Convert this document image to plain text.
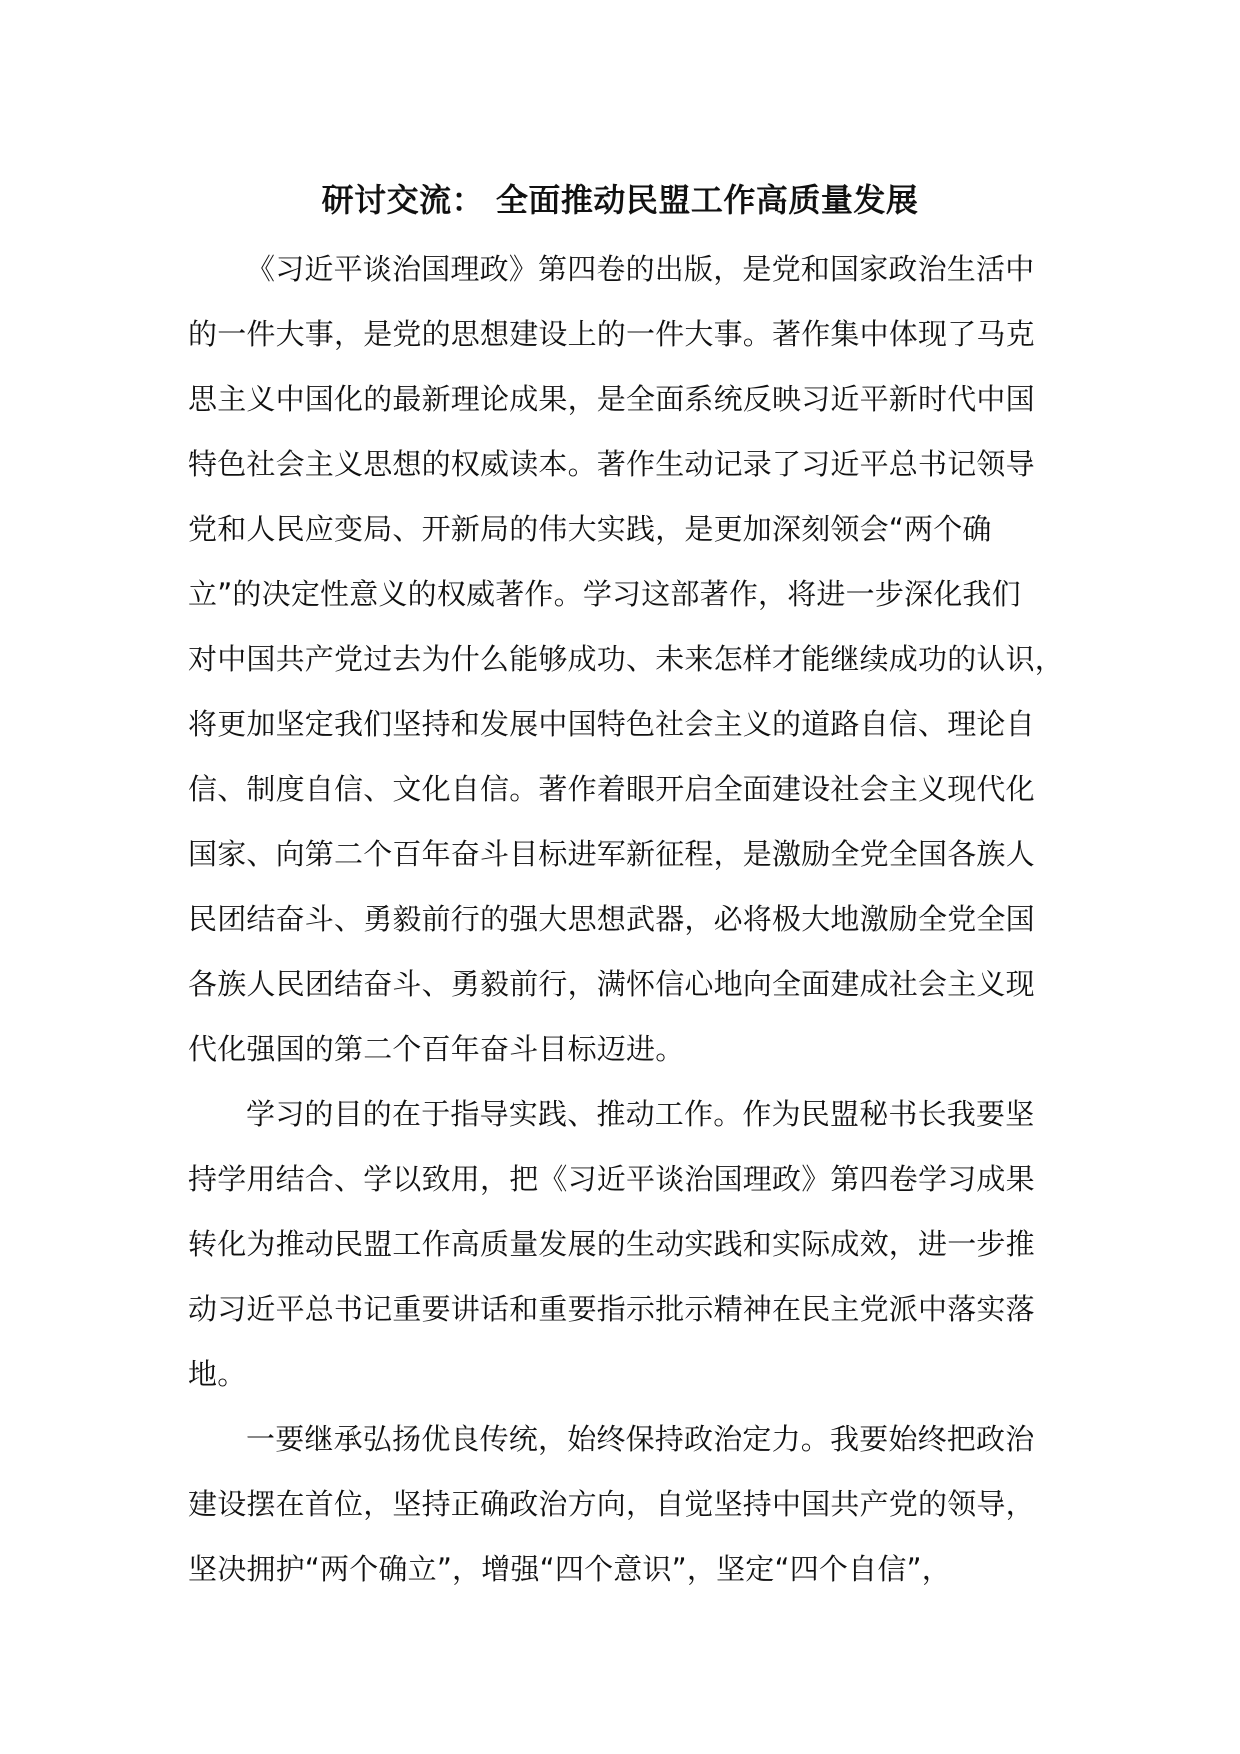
研讨交流： 全面推动民盟工作高质量发展
《习近平谈治国理政》第四卷的出版，是党和国家政治生活中
的一件大事，是党的思想建设上的一件大事。著作集中体现了马克
思主义中国化的最新理论成果，是全面系统反映习近平新时代中国
特色社会主义思想的权威读本。著作生动记录了习近平总书记领导
党和人民应变局、开新局的伟大实践，是更加深刻领会“两个确
立”的决定性意义的权威著作。学习这部著作，将进一步深化我们
对中国共产党过去为什么能够成功、未来怎样才能继续成功的认识，
将更加坚定我们坚持和发展中国特色社会主义的道路自信、理论自
信、制度自信、文化自信。著作着眼开启全面建设社会主义现代化
国家、向第二个百年奋斗目标进军新征程，是激励全党全国各族人
民团结奋斗、勇毅前行的强大思想武器，必将极大地激励全党全国
各族人民团结奋斗、勇毅前行，满怀信心地向全面建成社会主义现
代化强国的第二个百年奋斗目标迈进。
学习的目的在于指导实践、推动工作。作为民盟秘书长我要坚
持学用结合、学以致用，把《习近平谈治国理政》第四卷学习成果
转化为推动民盟工作高质量发展的生动实践和实际成效，进一步推
动习近平总书记重要讲话和重要指示批示精神在民主党派中落实落
地。
一要继承弘扬优良传统，始终保持政治定力。我要始终把政治
建设摆在首位，坚持正确政治方向，自觉坚持中国共产党的领导，
坚决拥护“两个确立”，增强“四个意识”，坚定“四个自信”，
